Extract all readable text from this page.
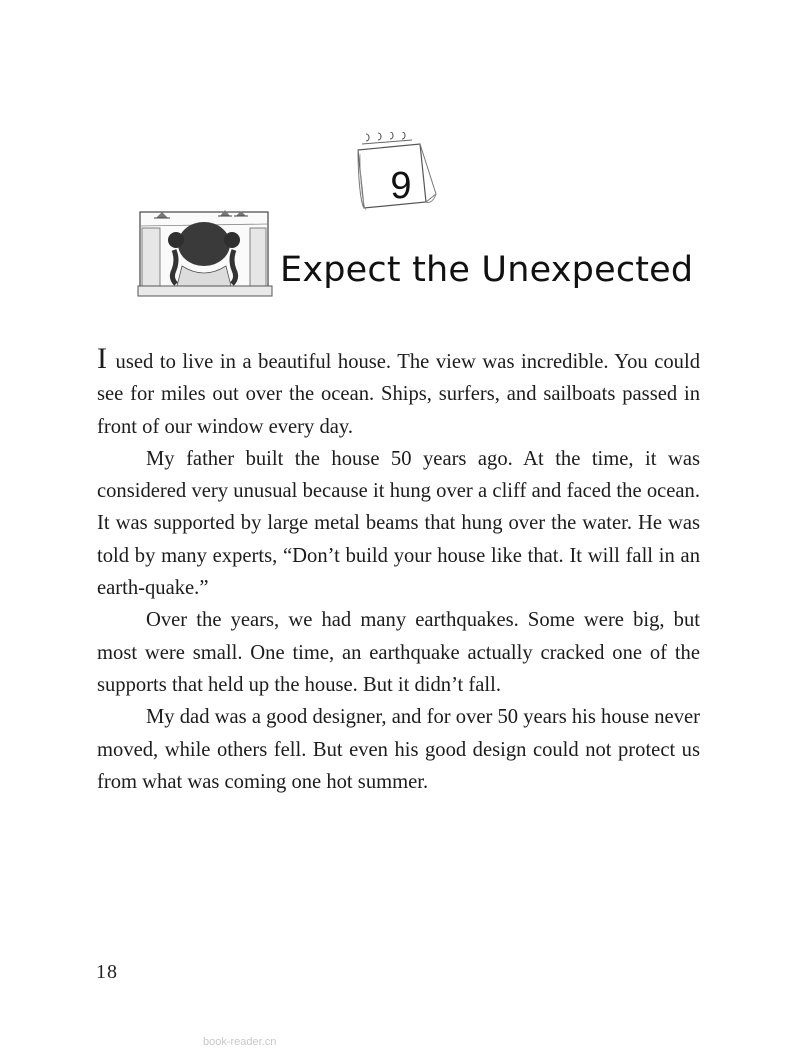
9
Expect the Unexpected

I used to live in a beautiful house. The view was incredible. You could see for miles out over the ocean. Ships, surfers, and sailboats passed in front of our window every day.

My father built the house 50 years ago. At the time, it was considered very unusual because it hung over a cliff and faced the ocean. It was supported by large metal beams that hung over the water. He was told by many experts, “Don’t build your house like that. It will fall in an earth-quake.”

Over the years, we had many earthquakes. Some were big, but most were small. One time, an earthquake actually cracked one of the supports that held up the house. But it didn’t fall.

My dad was a good designer, and for over 50 years his house never moved, while others fell. But even his good design could not protect us from what was coming one hot summer.

18
book-reader.cn
